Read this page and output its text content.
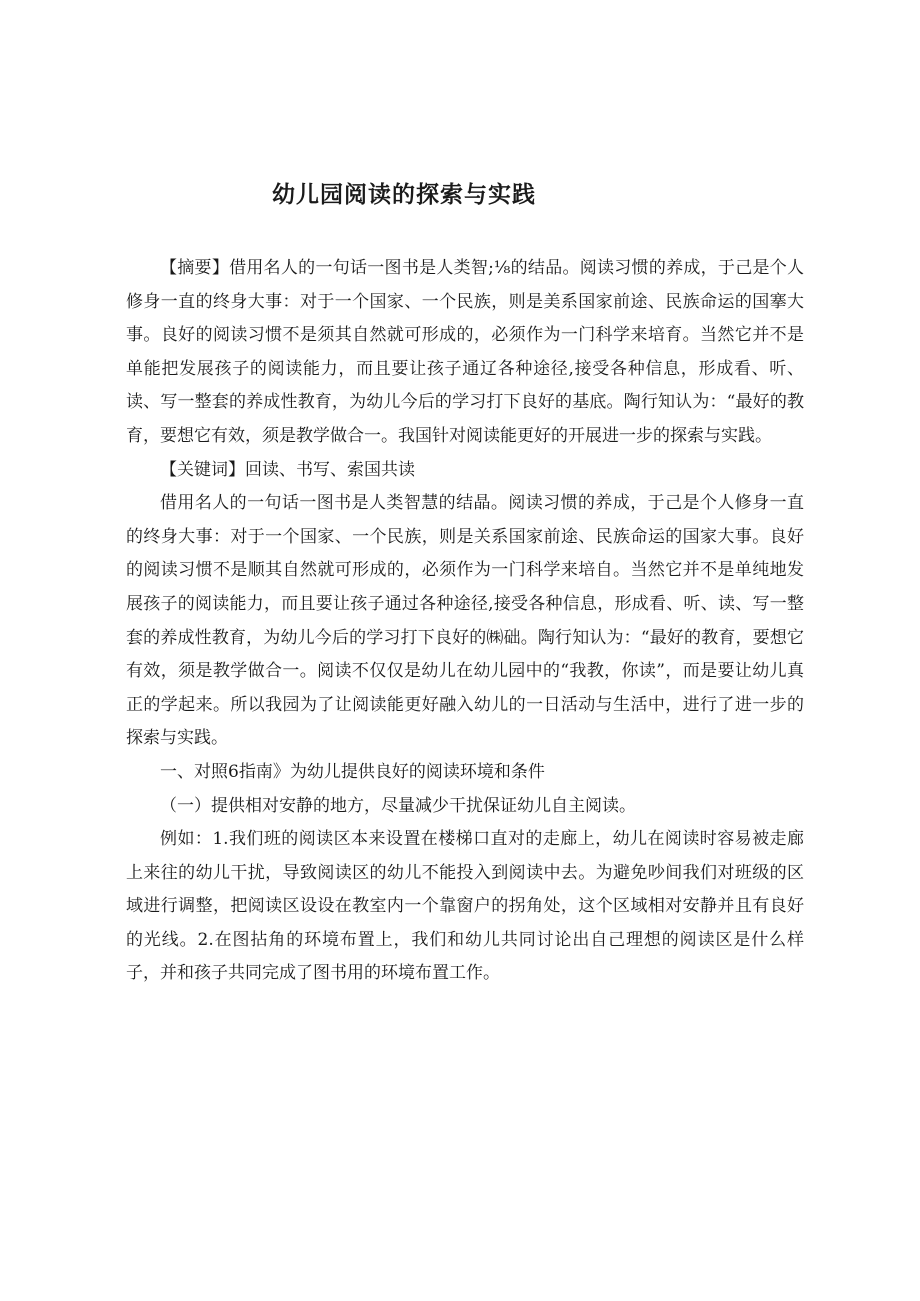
幼儿园阅读的探索与实践

【摘要】借用名人的一句话一图书是人类智;⅛的结品。阅读习惯的养成，于己是个人修身一直的终身大事：对于一个国家、一个民族，则是美系国家前途、民族命运的国搴大事。良好的阅读习惯不是须其自然就可形成的，必须作为一门科学来培育。当然它并不是单能把发展孩子的阅读能力，而且要让孩子通辽各种途径,接受各种信息，形成看、听、读、写一整套的养成性教育，为幼儿今后的学习打下良好的基底。陶行知认为：“最好的教育，要想它有效，须是教学做合一。我国针对阅读能更好的开展进一步的探索与实践。

【关键词】回读、书写、索国共读

借用名人的一句话一图书是人类智慧的结晶。阅读习惯的养成，于己是个人修身一直的终身大事：对于一个国家、一个民族，则是关系国家前途、民族命运的国家大事。良好的阅读习惯不是顺其自然就可形成的，必须作为一门科学来培自。当然它并不是单纯地发展孩子的阅读能力，而且要让孩子通过各种途径,接受各种信息，形成看、听、读、写一整套的养成性教育，为幼儿今后的学习打下良好的㈱础。陶行知认为：“最好的教育，要想它有效，须是教学做合一。阅读不仅仅是幼儿在幼儿园中的“我教，你读”，而是要让幼儿真正的学起来。所以我园为了让阅读能更好融入幼儿的一日活动与生活中，进行了进一步的探索与实践。

一、对照6指南》为幼儿提供良好的阅读环境和条件

（一）提供相对安静的地方，尽量减少干扰保证幼儿自主阅读。

例如：1.我们班的阅读区本来设置在楼梯口直对的走廊上，幼儿在阅读时容易被走廊上来往的幼儿干扰，导致阅读区的幼儿不能投入到阅读中去。为避免吵间我们对班级的区域进行调整，把阅读区设设在教室内一个靠窗户的拐角处，这个区域相对安静并且有良好的光线。2.在图拈角的环境布置上，我们和幼儿共同讨论出自己理想的阅读区是什么样子，并和孩子共同完成了图书用的环境布置工作。
